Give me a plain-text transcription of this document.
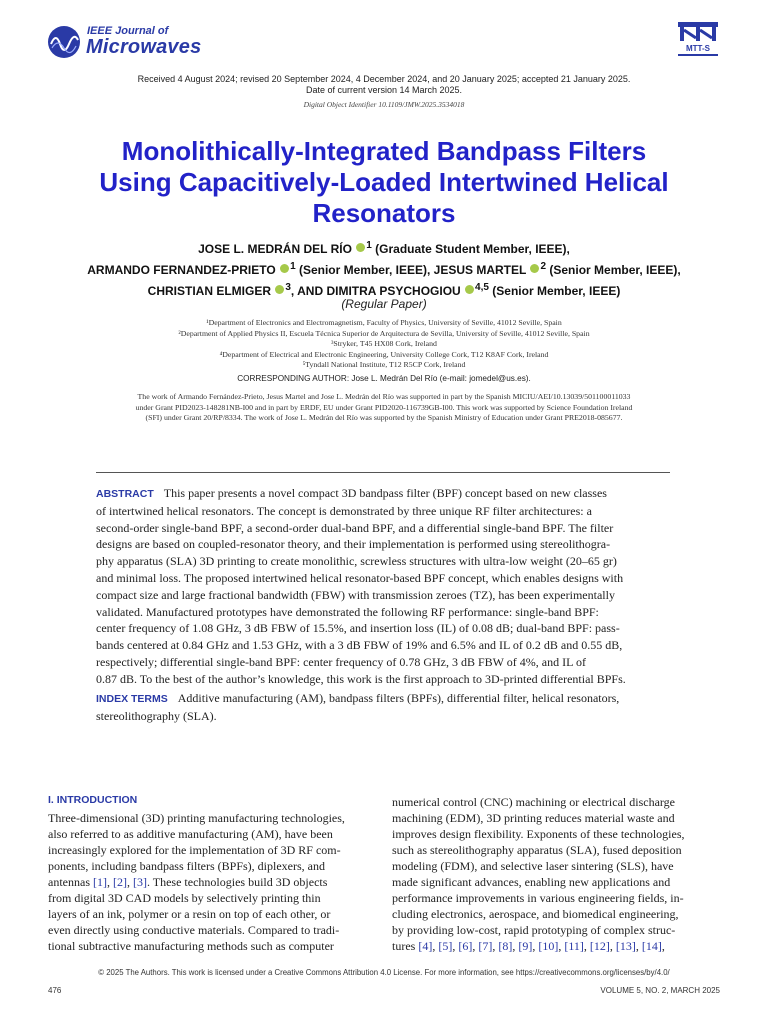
IEEE Journal of
Microwaves	MTT-S
Received 4 August 2024; revised 20 September 2024, 4 December 2024, and 20 January 2025; accepted 21 January 2025.
Date of current version 14 March 2025.
Digital Object Identifier 10.1109/JMW.2025.3534018
Monolithically-Integrated Bandpass Filters
Using Capacitively-Loaded Intertwined Helical
Resonators
JOSE L. MEDRÁN DEL RÍO $^1$ (Graduate Student Member, IEEE),
ARMANDO FERNANDEZ-PRIETO $^1$ (Senior Member, IEEE), JESUS MARTEL $^2$ (Senior Member, IEEE),
CHRISTIAN ELMIGER $^3$, AND DIMITRA PSYCHOGIOU $^{4,5}$ (Senior Member, IEEE)
(Regular Paper)
¹Department of Electronics and Electromagnetism, Faculty of Physics, University of Seville, 41012 Seville, Spain
²Department of Applied Physics II, Escuela Técnica Superior de Arquitectura de Sevilla, University of Seville, 41012 Seville, Spain
³Stryker, T45 HX08 Cork, Ireland
⁴Department of Electrical and Electronic Engineering, University College Cork, T12 K8AF Cork, Ireland
⁵Tyndall National Institute, T12 R5CP Cork, Ireland
CORRESPONDING AUTHOR: Jose L. Medrán Del Río (e-mail: jomedel@us.es).
The work of Armando Fernández-Prieto, Jesus Martel and Jose L. Medrán del Río was supported in part by the Spanish MICIU/AEI/10.13039/501100011033
under Grant PID2023-148281NB-I00 and in part by ERDF, EU under Grant PID2020-116739GB-I00. This work was supported by Science Foundation Ireland
(SFI) under Grant 20/RP/8334. The work of Jose L. Medrán del Río was supported by the Spanish Ministry of Education under Grant PRE2018-085677.
ABSTRACT This paper presents a novel compact 3D bandpass filter (BPF) concept based on new classes
of intertwined helical resonators. The concept is demonstrated by three unique RF filter architectures: a
second-order single-band BPF, a second-order dual-band BPF, and a differential single-band BPF. The filter
designs are based on coupled-resonator theory, and their implementation is performed using stereolithogra-
phy apparatus (SLA) 3D printing to create monolithic, screwless structures with ultra-low weight (20–65 gr)
and minimal loss. The proposed intertwined helical resonator-based BPF concept, which enables designs with
compact size and large fractional bandwidth (FBW) with transmission zeroes (TZ), has been experimentally
validated. Manufactured prototypes have demonstrated the following RF performance: single-band BPF:
center frequency of 1.08 GHz, 3 dB FBW of 15.5%, and insertion loss (IL) of 0.08 dB; dual-band BPF: pass-
bands centered at 0.84 GHz and 1.53 GHz, with a 3 dB FBW of 19% and 6.5% and IL of 0.2 dB and 0.55 dB,
respectively; differential single-band BPF: center frequency of 0.78 GHz, 3 dB FBW of 4%, and IL of
0.87 dB. To the best of the author’s knowledge, this work is the first approach to 3D-printed differential BPFs.
INDEX TERMS Additive manufacturing (AM), bandpass filters (BPFs), differential filter, helical resonators,
stereolithography (SLA).
I. INTRODUCTION
Three-dimensional (3D) printing manufacturing technologies,
also referred to as additive manufacturing (AM), have been
increasingly explored for the implementation of 3D RF com-
ponents, including bandpass filters (BPFs), diplexers, and
antennas [1], [2], [3]. These technologies build 3D objects
from digital 3D CAD models by selectively printing thin
layers of an ink, polymer or a resin on top of each other, or
even directly using conductive materials. Compared to tradi-
tional subtractive manufacturing methods such as computer
numerical control (CNC) machining or electrical discharge
machining (EDM), 3D printing reduces material waste and
improves design flexibility. Exponents of these technologies,
such as stereolithography apparatus (SLA), fused deposition
modeling (FDM), and selective laser sintering (SLS), have
made significant advances, enabling new applications and
performance improvements in various engineering fields, in-
cluding electronics, aerospace, and biomedical engineering,
by providing low-cost, rapid prototyping of complex struc-
tures [4], [5], [6], [7], [8], [9], [10], [11], [12], [13], [14],
© 2025 The Authors. This work is licensed under a Creative Commons Attribution 4.0 License. For more information, see https://creativecommons.org/licenses/by/4.0/
476	VOLUME 5, NO. 2, MARCH 2025
